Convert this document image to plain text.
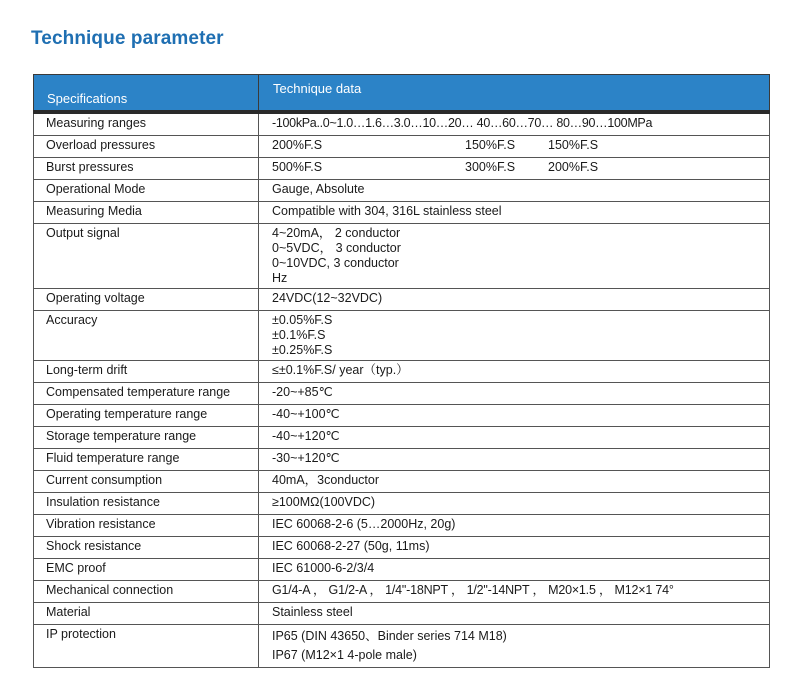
Technique parameter
Specifications	Technique data
Measuring ranges	-100kPa..0~1.0…1.6…3.0…10…20… 40…60…70… 80…90…100MPa
Overload pressures	200%F.S 150%F.S 150%F.S
Burst pressures	500%F.S 300%F.S 200%F.S
Operational Mode	Gauge, Absolute
Measuring Media	Compatible with 304, 316L stainless steel
Output signal	4~20mA， 2 conductor
0~5VDC， 3 conductor
0~10VDC, 3 conductor
Hz

Operating voltage	24VDC(12~32VDC)
Accuracy	±0.05%F.S
±0.1%F.S
±0.25%F.S

Long-term drift	≤±0.1%F.S/ year（typ.）
Compensated temperature range	-20~+85℃
Operating temperature range	-40~+100℃
Storage temperature range	-40~+120℃
Fluid temperature range	-30~+120℃
Current consumption	40mA，3conductor
Insulation resistance	≥100MΩ(100VDC)
Vibration resistance	IEC 60068-2-6 (5…2000Hz, 20g)
Shock resistance	IEC 60068-2-27 (50g, 11ms)
EMC proof	IEC 61000-6-2/3/4
Mechanical connection	G1/4-A ， G1/2-A ， 1/4"-18NPT ， 1/2"-14NPT ， M20×1.5 ， M12×1 74°
Material	Stainless steel
IP protection	IP65 (DIN 43650、Binder series 714 M18)
IP67 (M12×1 4-pole male)
